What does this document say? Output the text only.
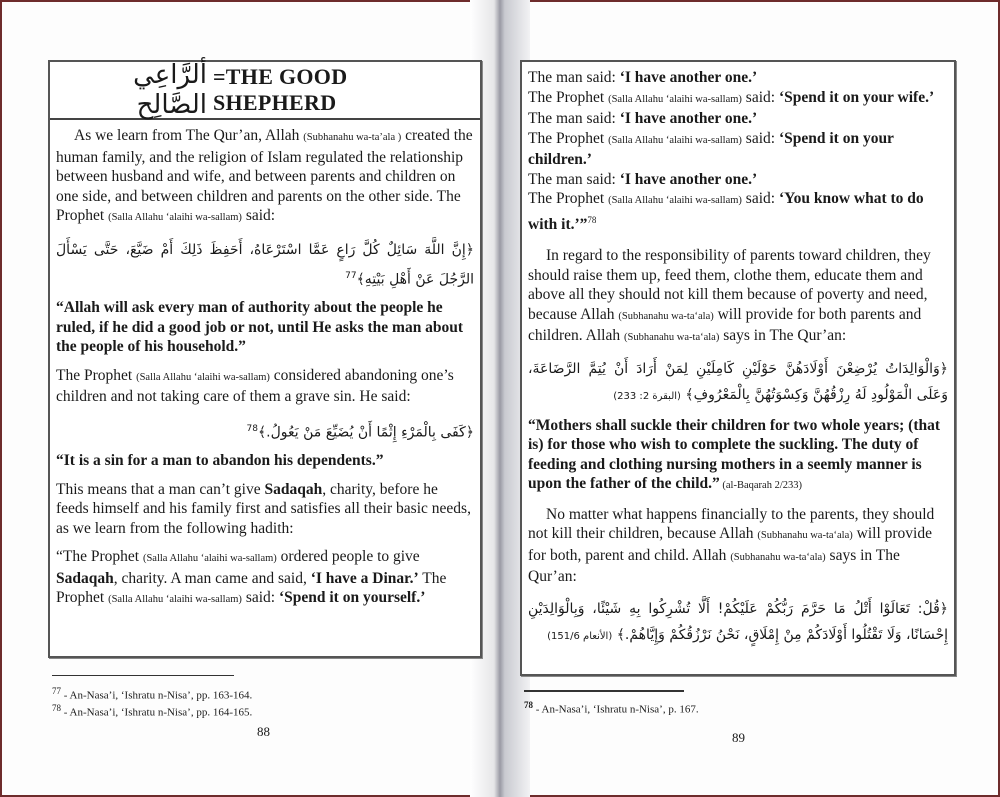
ألرَّاعِي الصَّالِح
=THE GOOD SHEPHERD
As we learn from The Qur’an, Allah (Subhanahu wa-ta’ala ) created the human family, and the religion of Islam regulated the relationship between husband and wife, and between parents and children on one side, and between children and parents on the other side. The Prophet (Salla Allahu ‘alaihi wa-sallam) said:
﴿إِنَّ اللَّهَ سَائِلٌ كُلَّ رَاعٍ عَمَّا اسْتَرْعَاهُ، أَحَفِظَ ذَلِكَ أَمْ ضَيَّعَ، حَتَّى يَسْأَلَ الرَّجُلَ عَنْ أَهْلِ بَيْتِهِ﴾$^{77}$
“Allah will ask every man of authority about the people he ruled, if he did a good job or not, until He asks the man about the people of his household.”
The Prophet (Salla Allahu ‘alaihi wa-sallam) considered abandoning one’s children and not taking care of them a grave sin. He said:
﴿كَفَى بِالْمَرْءِ إِثْمًا أَنْ يُضَيِّعَ مَنْ يَعُولُ.﴾$^{78}$
“It is a sin for a man to abandon his dependents.”
This means that a man can’t give Sadaqah, charity, before he feeds himself and his family first and satisfies all their basic needs, as we learn from the following hadith:
“The Prophet (Salla Allahu ‘alaihi wa-sallam) ordered people to give Sadaqah, charity. A man came and said, ‘I have a Dinar.’ The Prophet (Salla Allahu ‘alaihi wa-sallam) said: ‘Spend it on yourself.’
$^{77}$ - An-Nasa’i, ‘Ishratu n-Nisa’, pp. 163-164.
$^{78}$ - An-Nasa’i, ‘Ishratu n-Nisa’, pp. 164-165.
88
The man said: ‘I have another one.’
The Prophet (Salla Allahu ‘alaihi wa-sallam) said: ‘Spend it on your wife.’
The man said: ‘I have another one.’
The Prophet (Salla Allahu ‘alaihi wa-sallam) said: ‘Spend it on your children.’
The man said: ‘I have another one.’
The Prophet (Salla Allahu ‘alaihi wa-sallam) said: ‘You know what to do with it.’”$^{78}$
In regard to the responsibility of parents toward children, they should raise them up, feed them, clothe them, educate them and above all they should not kill them because of poverty and need, because Allah (Subhanahu wa-ta‘ala) will provide for both parents and children. Allah (Subhanahu wa-ta‘ala) says in The Qur’an:
﴿وَالْوَالِدَاتُ يُرْضِعْنَ أَوْلَادَهُنَّ حَوْلَيْنِ كَامِلَيْنِ لِمَنْ أَرَادَ أَنْ يُتِمَّ الرَّضَاعَةَ، وَعَلَى الْمَوْلُودِ لَهُ رِزْقُهُنَّ وَكِسْوَتُهُنَّ بِالْمَعْرُوفِ﴾ (البقرة 2: 233)
“Mothers shall suckle their children for two whole years; (that is) for those who wish to complete the suckling. The duty of feeding and clothing nursing mothers in a seemly manner is upon the father of the child.” (al-Baqarah 2/233)
No matter what happens financially to the parents, they should not kill their children, because Allah (Subhanahu wa-ta‘ala) will provide for both, parent and child. Allah (Subhanahu wa-ta‘ala) says in The Qur’an:
﴿قُلْ: تَعَالَوْا أَتْلُ مَا حَرَّمَ رَبُّكُمْ عَلَيْكُمْ! أَلَّا تُشْرِكُوا بِهِ شَيْئًا، وَبِالْوَالِدَيْنِ إِحْسَانًا، وَلَا تَقْتُلُوا أَوْلَادَكُمْ مِنْ إِمْلَاقٍ، نَحْنُ نَرْزُقُكُمْ وَإِيَّاهُمْ.﴾ (الأنعام 151/6)
$^{78}$ - An-Nasa’i, ‘Ishratu n-Nisa’, p. 167.
89
